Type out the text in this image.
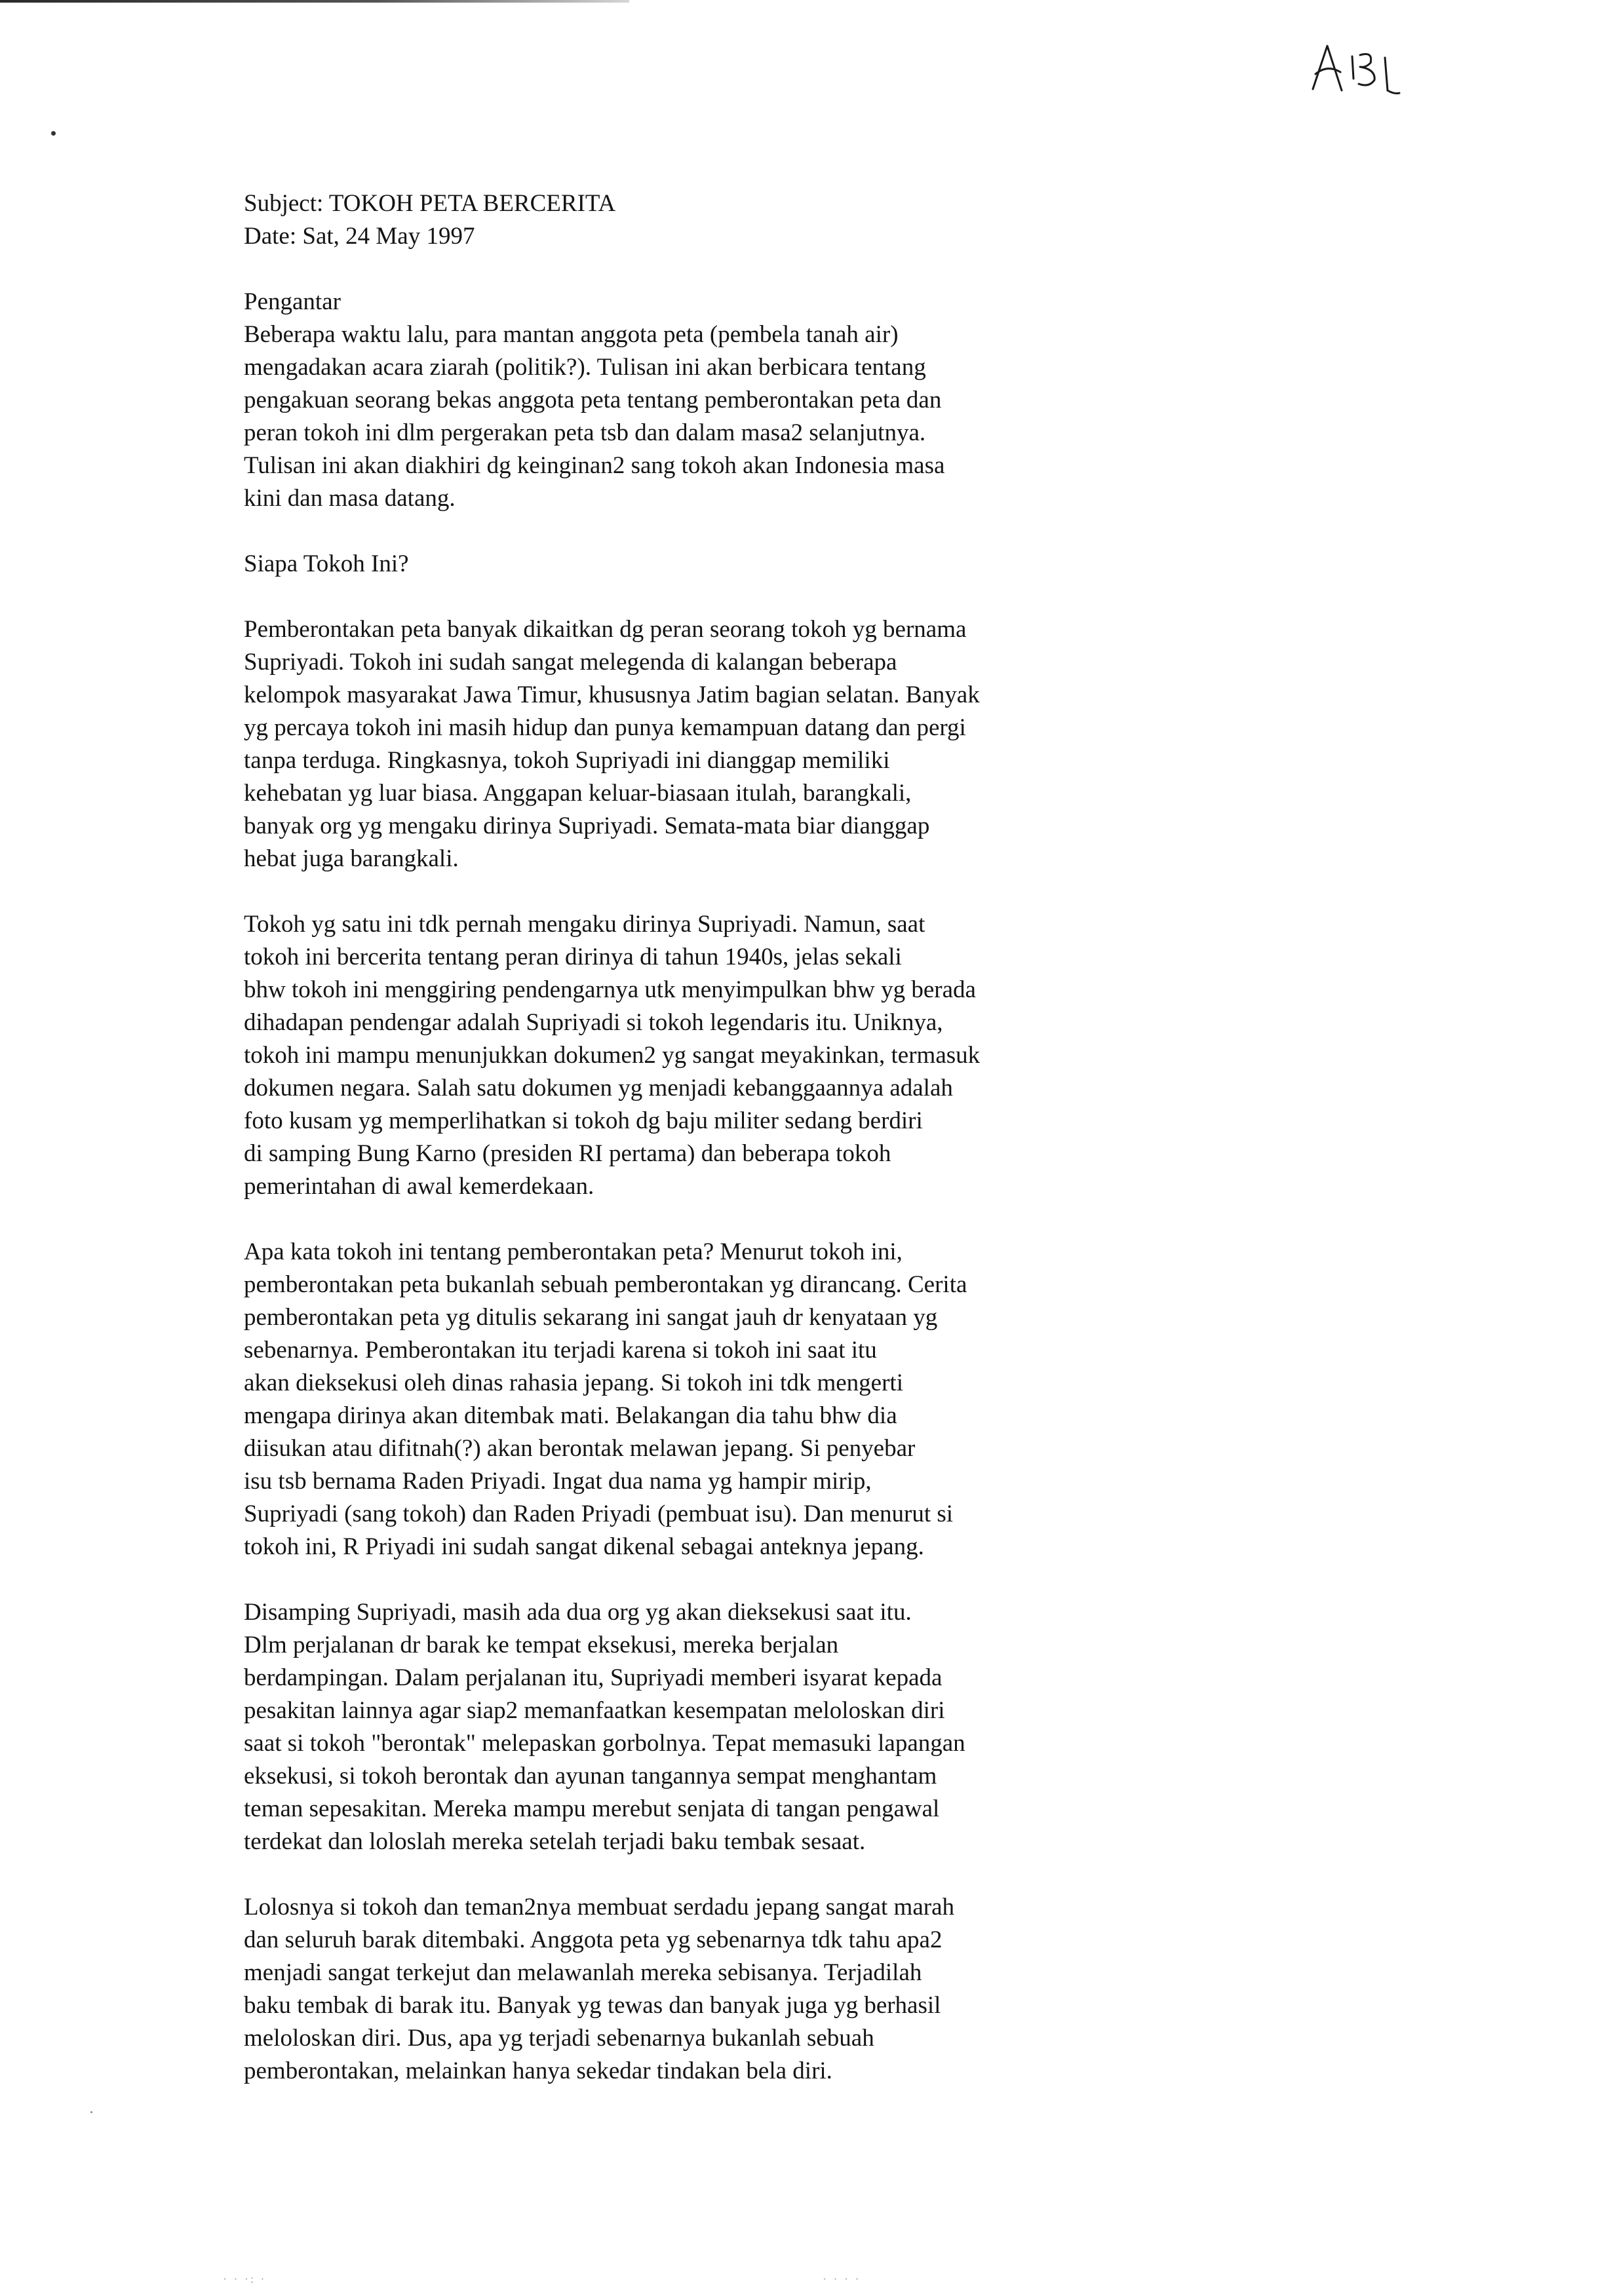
· · ·: ·	· · · ·
Subject: TOKOH PETA BERCERITA
Date: Sat, 24 May 1997
Pengantar

Beberapa waktu lalu, para mantan anggota peta (pembela tanah air)
mengadakan acara ziarah (politik?). Tulisan ini akan berbicara tentang
pengakuan seorang bekas anggota peta tentang pemberontakan peta dan
peran tokoh ini dlm pergerakan peta tsb dan dalam masa2 selanjutnya.
Tulisan ini akan diakhiri dg keinginan2 sang tokoh akan Indonesia masa
kini dan masa datang.

Siapa Tokoh Ini?

Pemberontakan peta banyak dikaitkan dg peran seorang tokoh yg bernama
Supriyadi. Tokoh ini sudah sangat melegenda di kalangan beberapa
kelompok masyarakat Jawa Timur, khususnya Jatim bagian selatan. Banyak
yg percaya tokoh ini masih hidup dan punya kemampuan datang dan pergi
tanpa terduga. Ringkasnya, tokoh Supriyadi ini dianggap memiliki
kehebatan yg luar biasa. Anggapan keluar-biasaan itulah, barangkali,
banyak org yg mengaku dirinya Supriyadi. Semata-mata biar dianggap
hebat juga barangkali.

Tokoh yg satu ini tdk pernah mengaku dirinya Supriyadi. Namun, saat
tokoh ini bercerita tentang peran dirinya di tahun 1940s, jelas sekali
bhw tokoh ini menggiring pendengarnya utk menyimpulkan bhw yg berada
dihadapan pendengar adalah Supriyadi si tokoh legendaris itu. Uniknya,
tokoh ini mampu menunjukkan dokumen2 yg sangat meyakinkan, termasuk
dokumen negara. Salah satu dokumen yg menjadi kebanggaannya adalah
foto kusam yg memperlihatkan si tokoh dg baju militer sedang berdiri
di samping Bung Karno (presiden RI pertama) dan beberapa tokoh
pemerintahan di awal kemerdekaan.

Apa kata tokoh ini tentang pemberontakan peta? Menurut tokoh ini,
pemberontakan peta bukanlah sebuah pemberontakan yg dirancang. Cerita
pemberontakan peta yg ditulis sekarang ini sangat jauh dr kenyataan yg
sebenarnya. Pemberontakan itu terjadi karena si tokoh ini saat itu
akan dieksekusi oleh dinas rahasia jepang. Si tokoh ini tdk mengerti
mengapa dirinya akan ditembak mati. Belakangan dia tahu bhw dia
diisukan atau difitnah(?) akan berontak melawan jepang. Si penyebar
isu tsb bernama Raden Priyadi. Ingat dua nama yg hampir mirip,
Supriyadi (sang tokoh) dan Raden Priyadi (pembuat isu). Dan menurut si
tokoh ini, R Priyadi ini sudah sangat dikenal sebagai anteknya jepang.

Disamping Supriyadi, masih ada dua org yg akan dieksekusi saat itu.
Dlm perjalanan dr barak ke tempat eksekusi, mereka berjalan
berdampingan. Dalam perjalanan itu, Supriyadi memberi isyarat kepada
pesakitan lainnya agar siap2 memanfaatkan kesempatan meloloskan diri
saat si tokoh "berontak" melepaskan gorbolnya. Tepat memasuki lapangan
eksekusi, si tokoh berontak dan ayunan tangannya sempat menghantam
teman sepesakitan. Mereka mampu merebut senjata di tangan pengawal
terdekat dan loloslah mereka setelah terjadi baku tembak sesaat.

Lolosnya si tokoh dan teman2nya membuat serdadu jepang sangat marah
dan seluruh barak ditembaki. Anggota peta yg sebenarnya tdk tahu apa2
menjadi sangat terkejut dan melawanlah mereka sebisanya. Terjadilah
baku tembak di barak itu. Banyak yg tewas dan banyak juga yg berhasil
meloloskan diri. Dus, apa yg terjadi sebenarnya bukanlah sebuah
pemberontakan, melainkan hanya sekedar tindakan bela diri.
